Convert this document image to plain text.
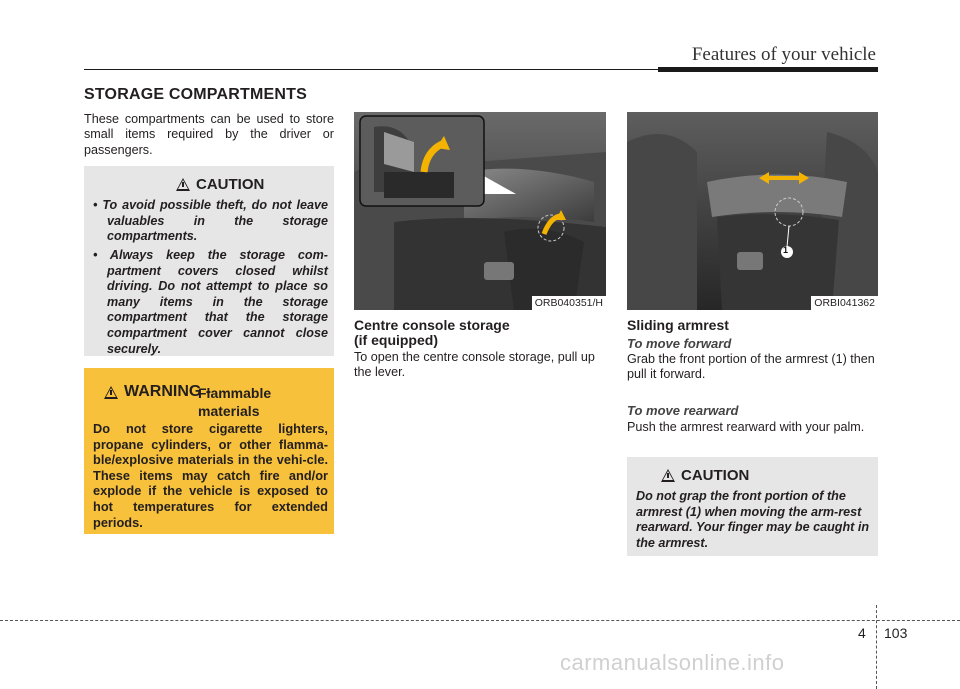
Features of your vehicle
STORAGE COMPARTMENTS
These compartments can be used to store small items required by the driver or passengers.
CAUTION
• To avoid possible theft, do not leave valuables in the storage compartments.
• Always keep the storage com-partment covers closed whilst driving. Do not attempt to place so many items in the storage compartment that the storage compartment cover cannot close securely.
WARNING -
Flammable materials
Do not store cigarette lighters, propane cylinders, or other flamma-ble/explosive materials in the vehi-cle. These items may catch fire and/or explode if the vehicle is exposed to hot temperatures for extended periods.
ORB040351/H
Centre console storage
(if equipped)
To open the centre console storage, pull up the lever.
1
ORBI041362
Sliding armrest
To move forward
Grab the front portion of the armrest (1) then pull it forward.
To move rearward
Push the armrest rearward with your palm.
CAUTION
Do not grap the front portion of the armrest (1) when moving the arm-rest rearward. Your finger may be caught in the armrest.
4 103
carmanualsonline.info
